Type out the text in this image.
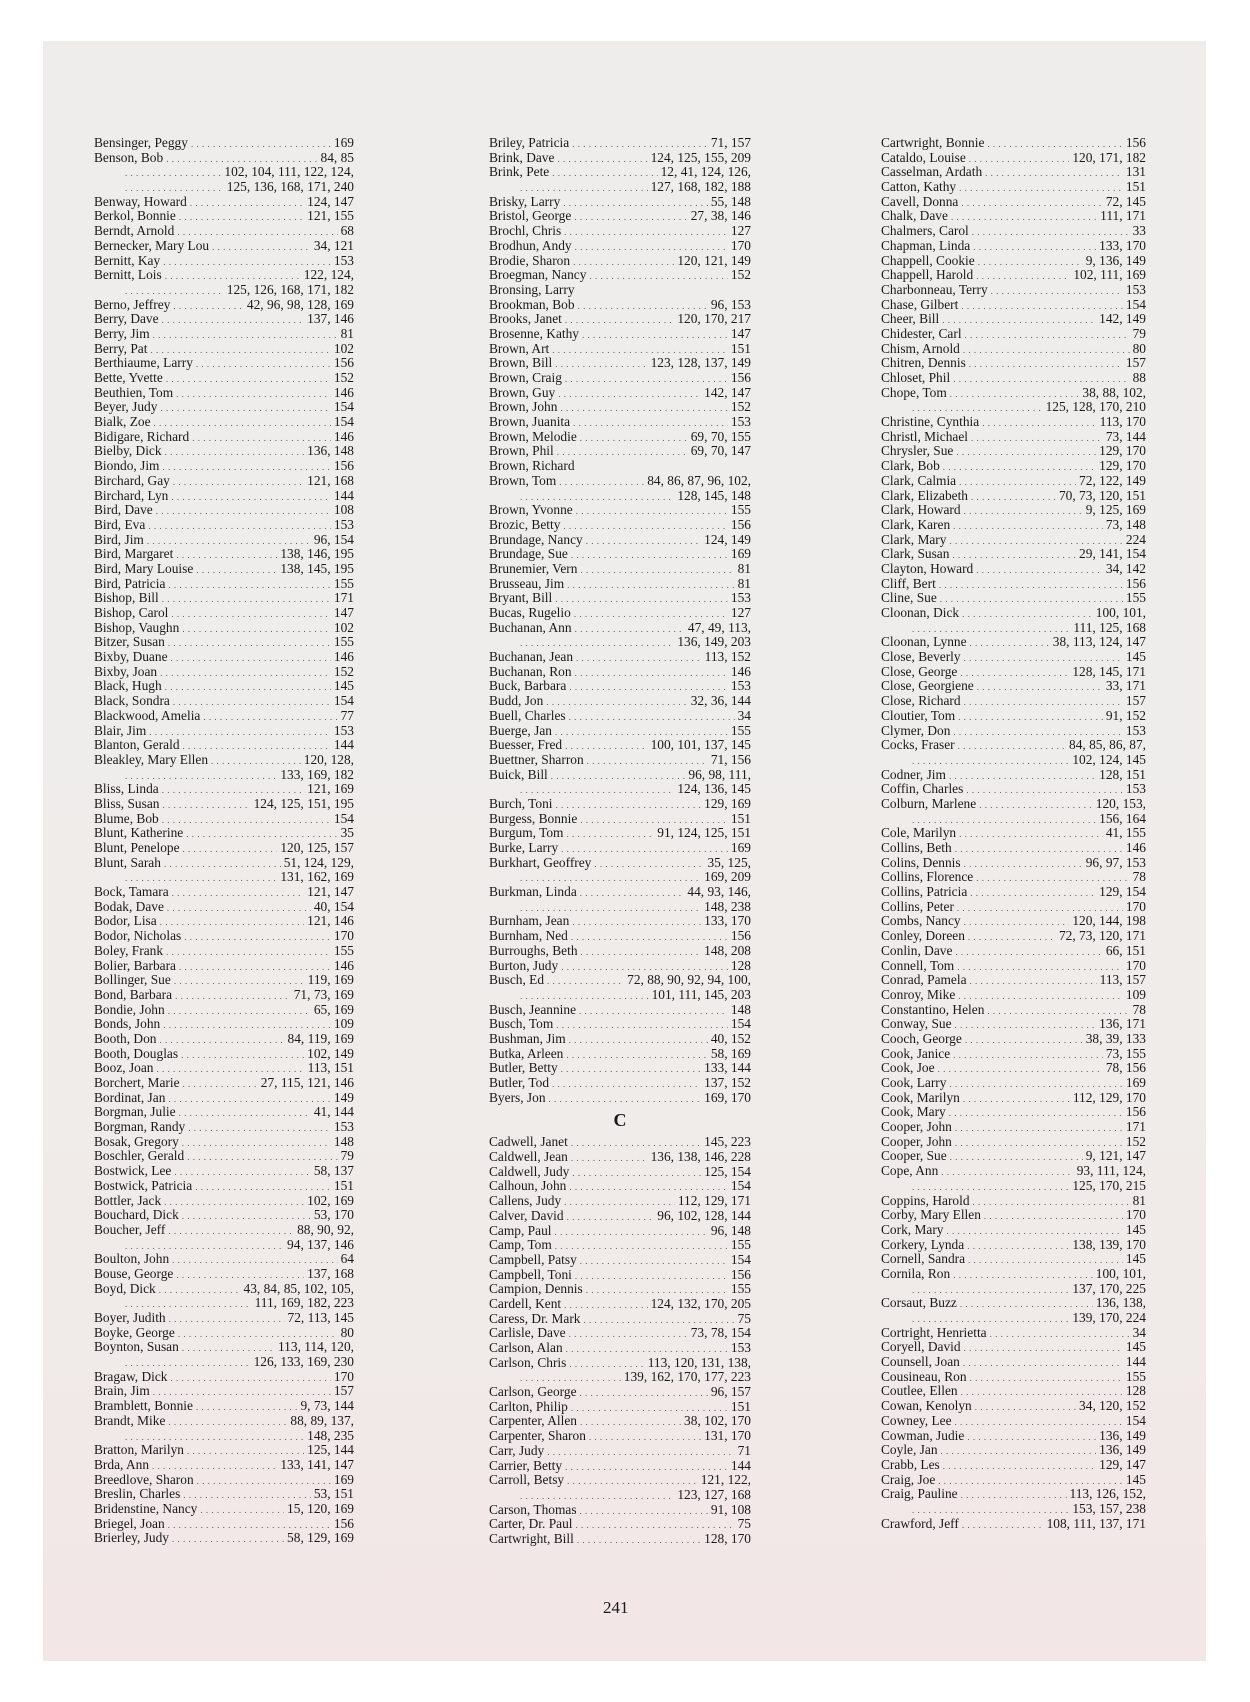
Bensinger, Peggy . . .	169
Benson, Bob . . .	84, 85
. . .
102, 104, 111, 122, 124,
. . .
125, 136, 168, 171, 240
Benway, Howard . . .	124, 147
Berkol, Bonnie . . .	121, 155
Berndt, Arnold . . .	68
Bernecker, Mary Lou . . .	34, 121
Bernitt, Kay . . .	153
Bernitt, Lois . . .	122, 124,
. . .
125, 126, 168, 171, 182
Berno, Jeffrey . . .	42, 96, 98, 128, 169
Berry, Dave . . .	137, 146
Berry, Jim . . .	81
Berry, Pat . . .	102
Berthiaume, Larry . . .	156
Bette, Yvette . . .	152
Beuthien, Tom . . .	146
Beyer, Judy . . .	154
Bialk, Zoe . . .	154
Bidigare, Richard . . .	146
Bielby, Dick . . .	136, 148
Biondo, Jim . . .	156
Birchard, Gay . . .	121, 168
Birchard, Lyn . . .	144
Bird, Dave . . .	108
Bird, Eva . . .	153
Bird, Jim . . .	96, 154
Bird, Margaret . . .	138, 146, 195
Bird, Mary Louise . . .	138, 145, 195
Bird, Patricia . . .	155
Bishop, Bill . . .	171
Bishop, Carol . . .	147
Bishop, Vaughn . . .	102
Bitzer, Susan . . .	155
Bixby, Duane . . .	146
Bixby, Joan . . .	152
Black, Hugh . . .	145
Black, Sondra . . .	154
Blackwood, Amelia . . .	77
Blair, Jim . . .	153
Blanton, Gerald . . .	144
Bleakley, Mary Ellen . . .	120, 128,
. . .
133, 169, 182
Bliss, Linda . . .	121, 169
Bliss, Susan . . .	124, 125, 151, 195
Blume, Bob . . .	154
Blunt, Katherine . . .	35
Blunt, Penelope . . .	120, 125, 157
Blunt, Sarah . . .	51, 124, 129,
. . .
131, 162, 169
Bock, Tamara . . .	121, 147
Bodak, Dave . . .	40, 154
Bodor, Lisa . . .	121, 146
Bodor, Nicholas . . .	170
Boley, Frank . . .	155
Bolier, Barbara . . .	146
Bollinger, Sue . . .	119, 169
Bond, Barbara . . .	71, 73, 169
Bondie, John . . .	65, 169
Bonds, John . . .	109
Booth, Don . . .	84, 119, 169
Booth, Douglas . . .	102, 149
Booz, Joan . . .	113, 151
Borchert, Marie . . .	27, 115, 121, 146
Bordinat, Jan . . .	149
Borgman, Julie . . .	41, 144
Borgman, Randy . . .	153
Bosak, Gregory . . .	148
Boschler, Gerald . . .	79
Bostwick, Lee . . .	58, 137
Bostwick, Patricia . . .	151
Bottler, Jack . . .	102, 169
Bouchard, Dick . . .	53, 170
Boucher, Jeff . . .	88, 90, 92,
. . .
94, 137, 146
Boulton, John . . .	64
Bouse, George . . .	137, 168
Boyd, Dick . . .	43, 84, 85, 102, 105,
. . .
111, 169, 182, 223
Boyer, Judith . . .	72, 113, 145
Boyke, George . . .	80
Boynton, Susan . . .	113, 114, 120,
. . .
126, 133, 169, 230
Bragaw, Dick . . .	170
Brain, Jim . . .	157
Bramblett, Bonnie . . .	9, 73, 144
Brandt, Mike . . .	88, 89, 137,
. . .
148, 235
Bratton, Marilyn . . .	125, 144
Brda, Ann . . .	133, 141, 147
Breedlove, Sharon . . .	169
Breslin, Charles . . .	53, 151
Bridenstine, Nancy . . .	15, 120, 169
Briegel, Joan . . .	156
Brierley, Judy . . .	58, 129, 169
Briley, Patricia . . .	71, 157
Brink, Dave . . .	124, 125, 155, 209
Brink, Pete . . .	12, 41, 124, 126,
. . .
127, 168, 182, 188
Brisky, Larry . . .	55, 148
Bristol, George . . .	27, 38, 146
Brochl, Chris . . .	127
Brodhun, Andy . . .	170
Brodie, Sharon . . .	120, 121, 149
Broegman, Nancy . . .	152
Bronsing, Larry
Brookman, Bob . . .	96, 153
Brooks, Janet . . .	120, 170, 217
Brosenne, Kathy . . .	147
Brown, Art . . .	151
Brown, Bill . . .	123, 128, 137, 149
Brown, Craig . . .	156
Brown, Guy . . .	142, 147
Brown, John . . .	152
Brown, Juanita . . .	153
Brown, Melodie . . .	69, 70, 155
Brown, Phil . . .	69, 70, 147
Brown, Richard
Brown, Tom . . .	84, 86, 87, 96, 102,
. . .
128, 145, 148
Brown, Yvonne . . .	155
Brozic, Betty . . .	156
Brundage, Nancy . . .	124, 149
Brundage, Sue . . .	169
Brunemier, Vern . . .	81
Brusseau, Jim . . .	81
Bryant, Bill . . .	153
Bucas, Rugelio . . .	127
Buchanan, Ann . . .	47, 49, 113,
. . .
136, 149, 203
Buchanan, Jean . . .	113, 152
Buchanan, Ron . . .	146
Buck, Barbara . . .	153
Budd, Jon . . .	32, 36, 144
Buell, Charles . . .	34
Buerge, Jan . . .	155
Buesser, Fred . . .	100, 101, 137, 145
Buettner, Sharron . . .	71, 156
Buick, Bill . . .	96, 98, 111,
. . .
124, 136, 145
Burch, Toni . . .	129, 169
Burgess, Bonnie . . .	151
Burgum, Tom . . .	91, 124, 125, 151
Burke, Larry . . .	169
Burkhart, Geoffrey . . .	35, 125,
. . .
169, 209
Burkman, Linda . . .	44, 93, 146,
. . .
148, 238
Burnham, Jean . . .	133, 170
Burnham, Ned . . .	156
Burroughs, Beth . . .	148, 208
Burton, Judy . . .	128
Busch, Ed . . .	72, 88, 90, 92, 94, 100,
. . .
101, 111, 145, 203
Busch, Jeannine . . .	148
Busch, Tom . . .	154
Bushman, Jim . . .	40, 152
Butka, Arleen . . .	58, 169
Butler, Betty . . .	133, 144
Butler, Tod . . .	137, 152
Byers, Jon . . .	169, 170
C
Cadwell, Janet . . .	145, 223
Caldwell, Jean . . .	136, 138, 146, 228
Caldwell, Judy . . .	125, 154
Calhoun, John . . .	154
Callens, Judy . . .	112, 129, 171
Calver, David . . .	96, 102, 128, 144
Camp, Paul . . .	96, 148
Camp, Tom . . .	155
Campbell, Patsy . . .	154
Campbell, Toni . . .	156
Campion, Dennis . . .	155
Cardell, Kent . . .	124, 132, 170, 205
Caress, Dr. Mark . . .	75
Carlisle, Dave . . .	73, 78, 154
Carlson, Alan . . .	153
Carlson, Chris . . .	113, 120, 131, 138,
. . .
139, 162, 170, 177, 223
Carlson, George . . .	96, 157
Carlton, Philip . . .	151
Carpenter, Allen . . .	38, 102, 170
Carpenter, Sharon . . .	131, 170
Carr, Judy . . .	71
Carrier, Betty . . .	144
Carroll, Betsy . . .	121, 122,
. . .
123, 127, 168
Carson, Thomas . . .	91, 108
Carter, Dr. Paul . . .	75
Cartwright, Bill . . .	128, 170
Cartwright, Bonnie . . .	156
Cataldo, Louise . . .	120, 171, 182
Casselman, Ardath . . .	131
Catton, Kathy . . .	151
Cavell, Donna . . .	72, 145
Chalk, Dave . . .	111, 171
Chalmers, Carol . . .	33
Chapman, Linda . . .	133, 170
Chappell, Cookie . . .	9, 136, 149
Chappell, Harold . . .	102, 111, 169
Charbonneau, Terry . . .	153
Chase, Gilbert . . .	154
Cheer, Bill . . .	142, 149
Chidester, Carl . . .	79
Chism, Arnold . . .	80
Chitren, Dennis . . .	157
Chloset, Phil . . .	88
Chope, Tom . . .	38, 88, 102,
. . .
125, 128, 170, 210
Christine, Cynthia . . .	113, 170
Christl, Michael . . .	73, 144
Chrysler, Sue . . .	129, 170
Clark, Bob . . .	129, 170
Clark, Calmia . . .	72, 122, 149
Clark, Elizabeth . . .	70, 73, 120, 151
Clark, Howard . . .	9, 125, 169
Clark, Karen . . .	73, 148
Clark, Mary . . .	224
Clark, Susan . . .	29, 141, 154
Clayton, Howard . . .	34, 142
Cliff, Bert . . .	156
Cline, Sue . . .	155
Cloonan, Dick . . .	100, 101,
. . .
111, 125, 168
Cloonan, Lynne . . .	38, 113, 124, 147
Close, Beverly . . .	145
Close, George . . .	128, 145, 171
Close, Georgiene . . .	33, 171
Close, Richard . . .	157
Cloutier, Tom . . .	91, 152
Clymer, Don . . .	153
Cocks, Fraser . . .	84, 85, 86, 87,
. . .
102, 124, 145
Codner, Jim . . .	128, 151
Coffin, Charles . . .	153
Colburn, Marlene . . .	120, 153,
. . .
156, 164
Cole, Marilyn . . .	41, 155
Collins, Beth . . .	146
Colins, Dennis . . .	96, 97, 153
Collins, Florence . . .	78
Collins, Patricia . . .	129, 154
Collins, Peter . . .	170
Combs, Nancy . . .	120, 144, 198
Conley, Doreen . . .	72, 73, 120, 171
Conlin, Dave . . .	66, 151
Connell, Tom . . .	170
Conrad, Pamela . . .	113, 157
Conroy, Mike . . .	109
Constantino, Helen . . .	78
Conway, Sue . . .	136, 171
Cooch, George . . .	38, 39, 133
Cook, Janice . . .	73, 155
Cook, Joe . . .	78, 156
Cook, Larry . . .	169
Cook, Marilyn . . .	112, 129, 170
Cook, Mary . . .	156
Cooper, John . . .	171
Cooper, John . . .	152
Cooper, Sue . . .	9, 121, 147
Cope, Ann . . .	93, 111, 124,
. . .
125, 170, 215
Coppins, Harold . . .	81
Corby, Mary Ellen . . .	170
Cork, Mary . . .	145
Corkery, Lynda . . .	138, 139, 170
Cornell, Sandra . . .	145
Cornila, Ron . . .	100, 101,
. . .
137, 170, 225
Corsaut, Buzz . . .	136, 138,
. . .
139, 170, 224
Cortright, Henrietta . . .	34
Coryell, David . . .	145
Counsell, Joan . . .	144
Cousineau, Ron . . .	155
Coutlee, Ellen . . .	128
Cowan, Kenolyn . . .	34, 120, 152
Cowney, Lee . . .	154
Cowman, Judie . . .	136, 149
Coyle, Jan . . .	136, 149
Crabb, Les . . .	129, 147
Craig, Joe . . .	145
Craig, Pauline . . .	113, 126, 152,
. . .
153, 157, 238
Crawford, Jeff . . .	108, 111, 137, 171
241
